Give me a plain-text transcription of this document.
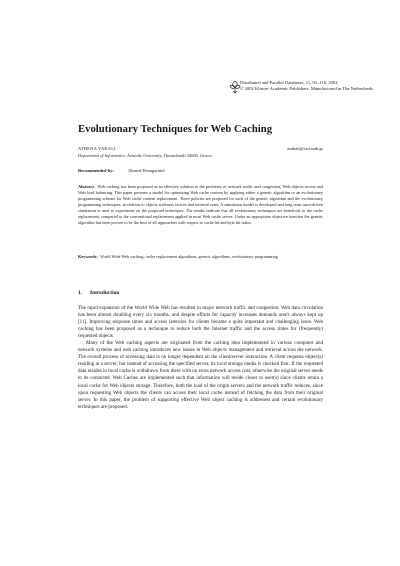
Distributed and Parallel Databases, 11, 93–116, 2002
© 2002 Kluwer Academic Publishers. Manufactured in The Netherlands.
Evolutionary Techniques for Web Caching
ATHENA VAKALI	avakali@csd.auth.gr
Department of Informatics, Aristotle University, Thessaloniki 54006, Greece
Recommended by:	Ahmed Elmagarmid
Abstract. Web caching has been proposed as an effective solution to the problems of network traffic and congestion, Web objects access and Web load balancing. This paper presents a model for optimizing Web cache content by applying either a genetic algorithm or an evolutionary programming scheme for Web cache content replacement. Three policies are proposed for each of the genetic algorithm and the evolutionary programming techniques, in relation to objects staleness factors and retrieval rates. A simulation model is developed and long term trace-driven simulation is used to experiment on the proposed techniques. The results indicate that all evolutionary techniques are beneficial to the cache replacement, compared to the conventional replacement applied in most Web cache server. Under an appropriate objective function the genetic algorithm has been proven to be the best of all approaches with respect to cache hit and byte hit ratios.
Keywords: World Wide Web caching, cache replacement algorithms, genetic algorithms, evolutionary programming
1. Introduction

The rapid expansion of the World Wide Web has resulted in major network traffic and congestion. Web data circulation has been almost doubling every six months, and despite efforts for capacity increases demands aren't always kept up [11]. Improving response times and access latencies for clients became a quite important and challenging issue. Web caching has been proposed as a technique to reduce both the Internet traffic and the access times for (frequently) requested objects.

Many of the Web caching aspects are originated from the caching idea implemented in various computer and network systems and web caching introduces new issues in Web objects management and retrieval across the network. The overall process of accessing data is no longer dependent on the client/server interaction. A client requests object(s) residing at a server, but instead of accessing the specified server, its local storage media is checked first. If the requested data resides in local cache is withdrawn from there with no extra network access cost, otherwise the original server needs to be contacted. Web Caches are implemented such that information will reside closer to user(s) since clients retain a local cache for Web objects storage. Therefore, both the load of the origin servers and the network traffic reduces, since upon requesting Web objects the clients can access their local cache instead of fetching the data from their original server. In this paper, the problem of supporting effective Web object caching is addressed and certain evolutionary techniques are proposed.
